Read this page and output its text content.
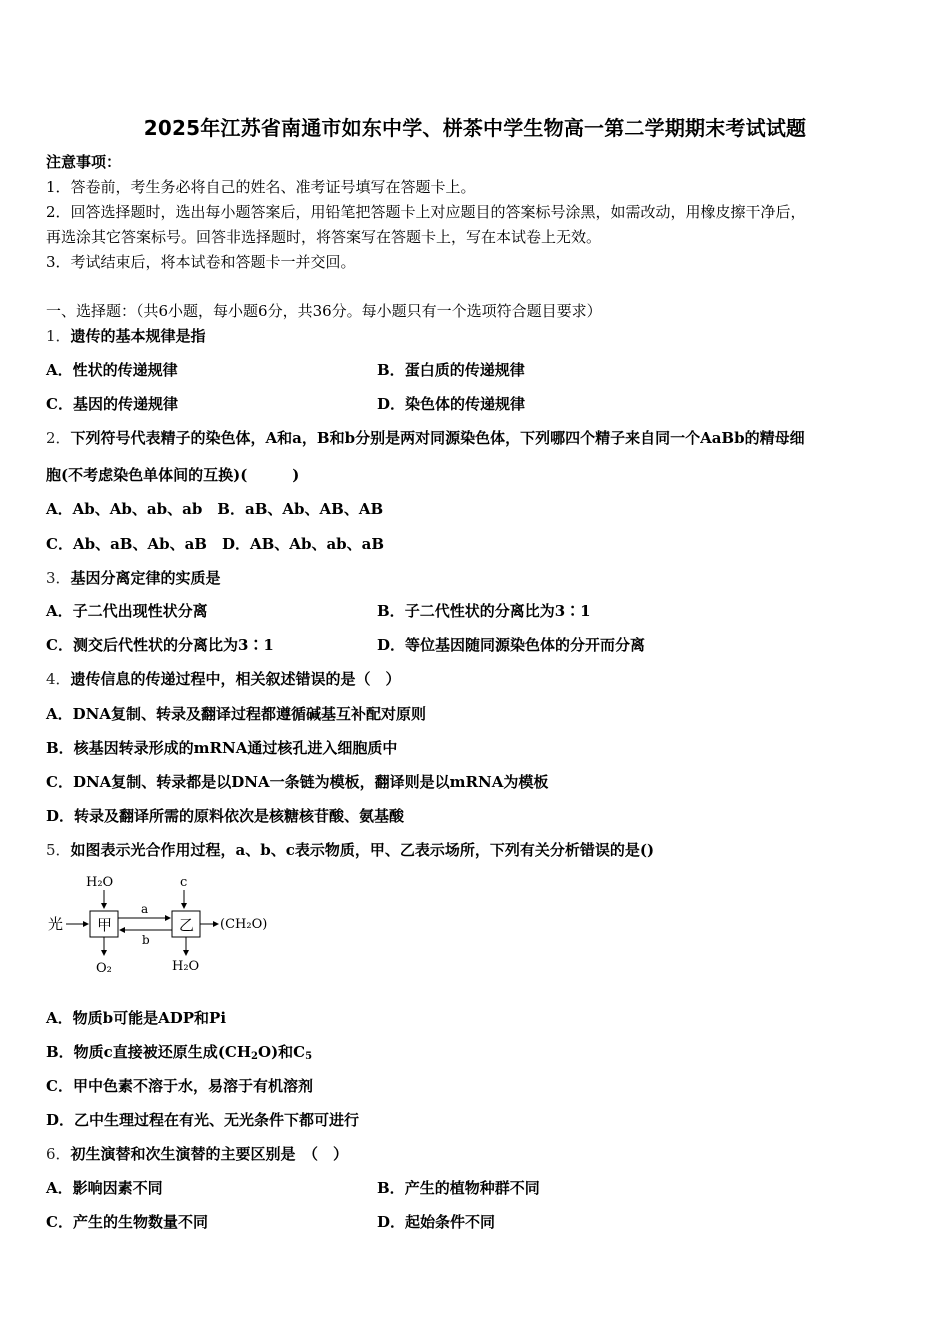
2025年江苏省南通市如东中学、栟茶中学生物高一第二学期期末考试试题
注意事项：
1．答卷前，考生务必将自己的姓名、准考证号填写在答题卡上。
2．回答选择题时，选出每小题答案后，用铅笔把答题卡上对应题目的答案标号涂黑，如需改动，用橡皮擦干净后，
再选涂其它答案标号。回答非选择题时，将答案写在答题卡上，写在本试卷上无效。
3．考试结束后，将本试卷和答题卡一并交回。
一、选择题：（共6小题，每小题6分，共36分。每小题只有一个选项符合题目要求）
1．遗传的基本规律是指
A．性状的传递规律	B．蛋白质的传递规律
C．基因的传递规律	D．染色体的传递规律
2．下列符号代表精子的染色体，A和a，B和b分别是两对同源染色体，下列哪四个精子来自同一个AaBb的精母细
胞(不考虑染色单体间的互换)(　　　)
A．Ab、Ab、ab、ab　B．aB、Ab、AB、AB
C．Ab、aB、Ab、aB　D．AB、Ab、ab、aB
3．基因分离定律的实质是
A．子二代出现性状分离	B．子二代性状的分离比为3∶1
C．测交后代性状的分离比为3∶1	D．等位基因随同源染色体的分开而分离
4．遗传信息的传递过程中，相关叙述错误的是（　）
A．DNA复制、转录及翻译过程都遵循碱基互补配对原则
B．核基因转录形成的mRNA通过核孔进入细胞质中
C．DNA复制、转录都是以DNA一条链为模板，翻译则是以mRNA为模板
D．转录及翻译所需的原料依次是核糖核苷酸、氨基酸
5．如图表示光合作用过程，a、b、c表示物质，甲、乙表示场所，下列有关分析错误的是()
H₂O	c
光 甲
a
b
乙 (CH₂O)
O₂	H₂O
A．物质b可能是ADP和Pi
B．物质c直接被还原生成$(CH_2O)$和$C_5$
C．甲中色素不溶于水，易溶于有机溶剂
D．乙中生理过程在有光、无光条件下都可进行
6．初生演替和次生演替的主要区别是　（　）
A．影响因素不同	B．产生的植物种群不同
C．产生的生物数量不同	D．起始条件不同
